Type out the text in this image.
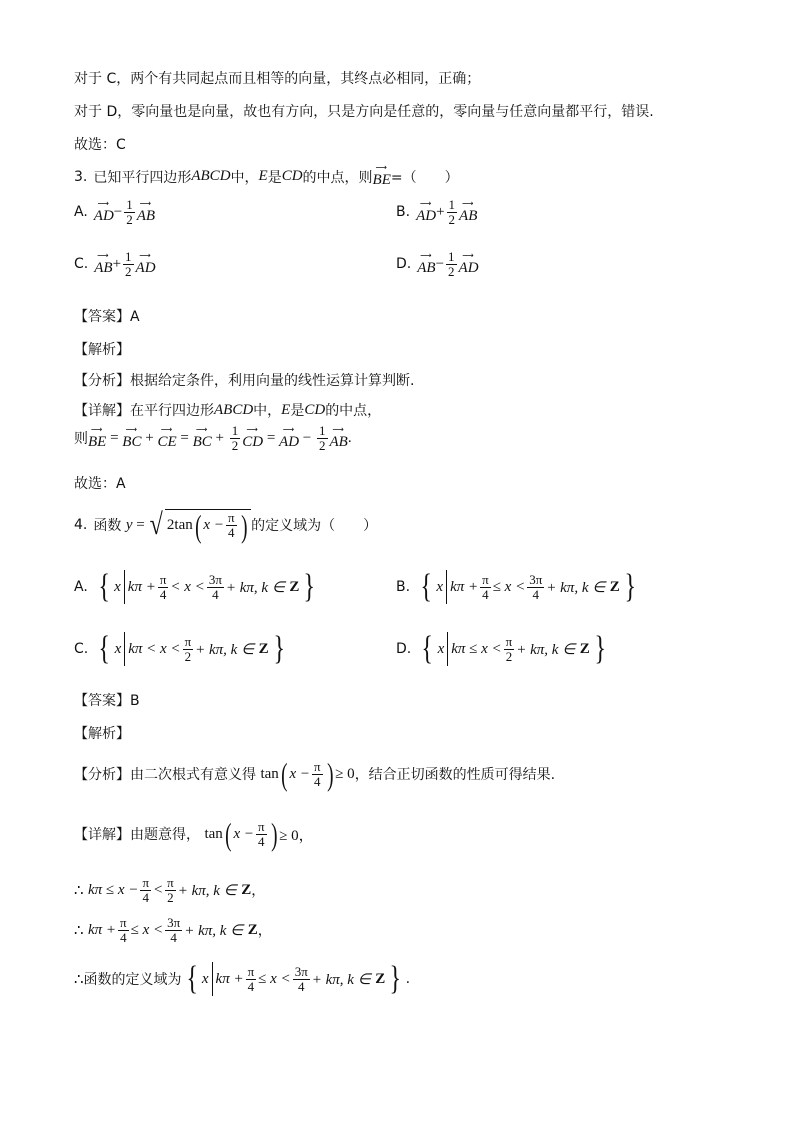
对于 C，两个有共同起点而且相等的向量，其终点必相同，正确；
对于 D，零向量也是向量，故也有方向，只是方向是任意的，零向量与任意向量都平行，错误.
故选：C
3. 已知平行四边形 ABCD 中， E 是 CD 的中点，则
⟶
BE =（　　）
A.
⟶
AD − $\frac{1}{2}$ ⟶
AB	B.
⟶
AD + $\frac{1}{2}$ ⟶
AB
C.
⟶
AB + $\frac{1}{2}$ ⟶
AD	D.
⟶
AB − $\frac{1}{2}$ ⟶
AD
【答案】A
【解析】
【分析】根据给定条件，利用向量的线性运算计算判断.
【详解】在平行四边形 ABCD 中， E 是 CD 的中点，
则
⟶
BE =
⟶
BC +
⟶
CE =
⟶
BC + $\frac{1}{2}$ ⟶
CD =
⟶
AD − $\frac{1}{2}$ ⟶
AB .
故选：A
4. 函数
y = √ 2tan ( $x - \frac{\pi}{4}$ ) 的定义域为（　　）
A. { x $k\pi + \frac{\pi}{4} < x < \frac{3\pi}{4} + k\pi$, k ∈
Z }	B. { x $k\pi + \frac{\pi}{4} \le x < \frac{3\pi}{4} + k\pi$, k ∈
Z }
C. { x $k\pi < x < \frac{\pi}{2} + k\pi$, k ∈
Z }	D. { x $k\pi \le x < \frac{\pi}{2} + k\pi$, k ∈
Z }
【答案】B
【解析】
【分析】由二次根式有意义得
tan ( $x - \frac{\pi}{4}$ ) ≥ 0 ，结合正切函数的性质可得结果.
【详解】由题意得，
tan ( $x - \frac{\pi}{4}$ ) ≥ 0，
∴
$k\pi \le x - \frac{\pi}{4} < \frac{\pi}{2} + k\pi$, k ∈
Z ，
∴
$k\pi + \frac{\pi}{4} \le x < \frac{3\pi}{4} + k\pi$, k ∈
Z ，
∴ 函数的定义域为 { x $k\pi + \frac{\pi}{4} \le x < \frac{3\pi}{4} + k\pi$, k ∈
Z } .
